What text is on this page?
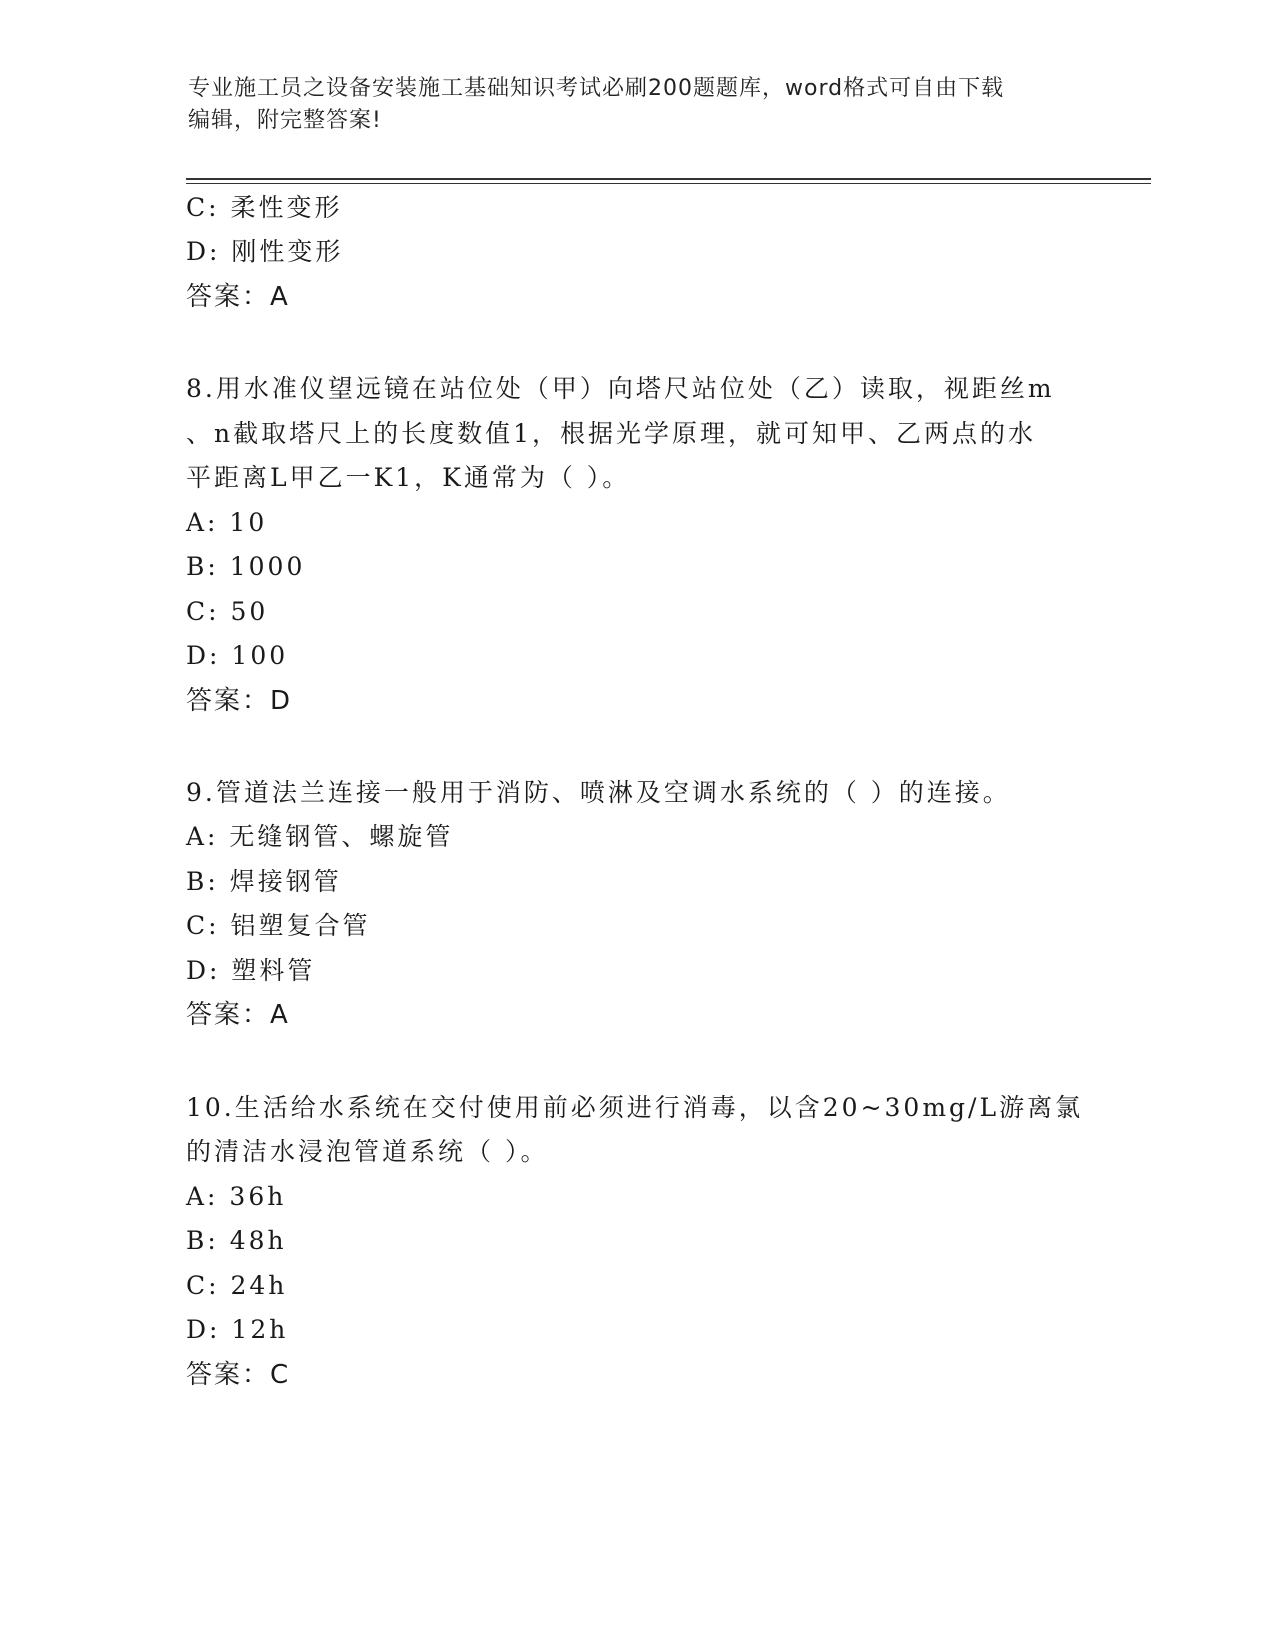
专业施工员之设备安装施工基础知识考试必刷200题题库，word格式可自由下载
编辑，附完整答案!
C: 柔性变形
D: 刚性变形
答案：A
8.用水准仪望远镜在站位处（甲）向塔尺站位处（乙）读取，视距丝m
、n截取塔尺上的长度数值1，根据光学原理，就可知甲、乙两点的水
平距离L甲乙一K1，K通常为（ ）。
A: 10
B: 1000
C: 50
D: 100
答案：D
9.管道法兰连接一般用于消防、喷淋及空调水系统的（ ）的连接。
A: 无缝钢管、螺旋管
B: 焊接钢管
C: 铝塑复合管
D: 塑料管
答案：A
10.生活给水系统在交付使用前必须进行消毒，以含20~30mg/L游离氯
的清洁水浸泡管道系统（ ）。
A: 36h
B: 48h
C: 24h
D: 12h
答案：C
